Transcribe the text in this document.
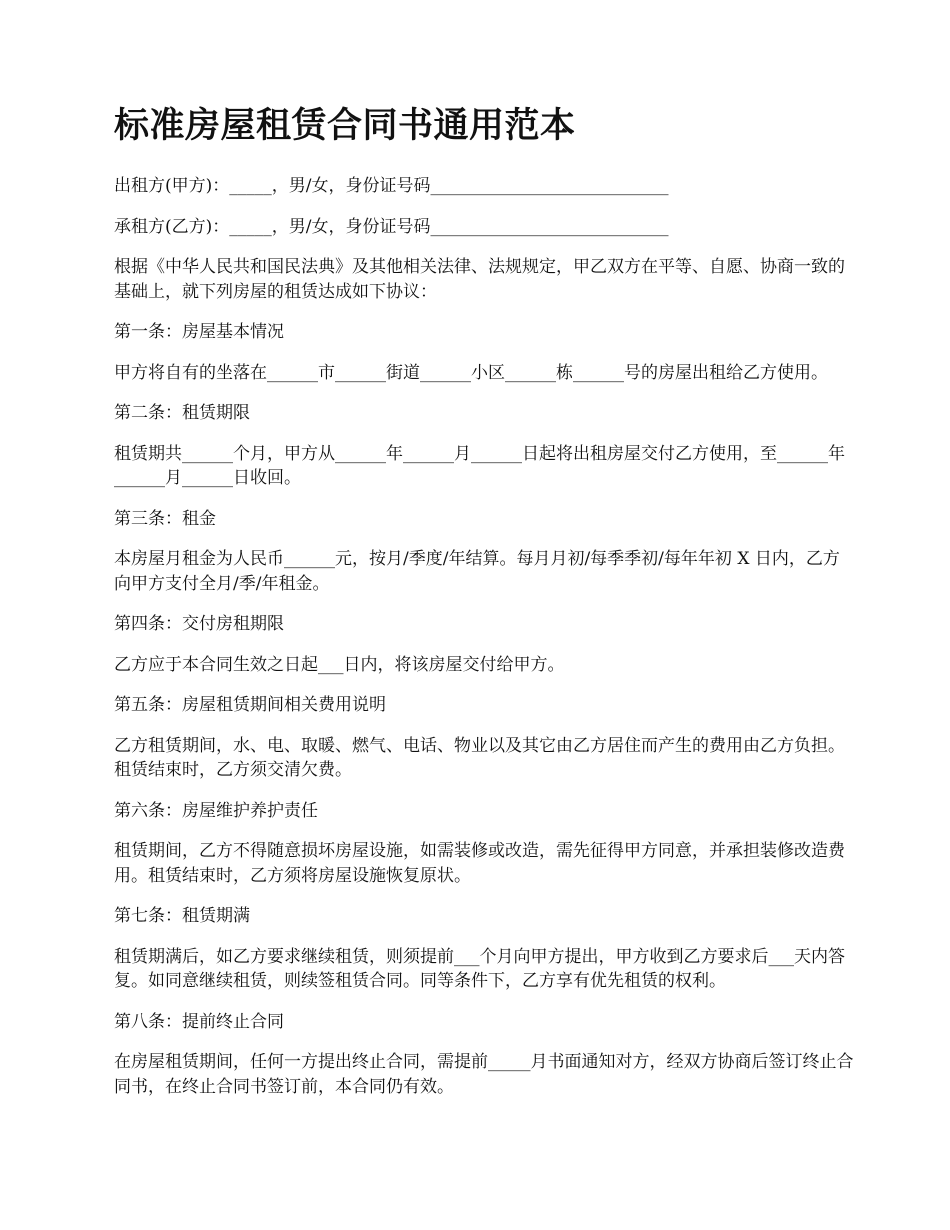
标准房屋租赁合同书通用范本

出租方(甲方)：_____，男/女，身份证号码____________________________

承租方(乙方)：_____，男/女，身份证号码____________________________

根据《中华人民共和国民法典》及其他相关法律、法规规定，甲乙双方在平等、自愿、协商一致的基础上，就下列房屋的租赁达成如下协议：

第一条：房屋基本情况

甲方将自有的坐落在______市______街道______小区______栋______号的房屋出租给乙方使用。

第二条：租赁期限

租赁期共______个月，甲方从______年______月______日起将出租房屋交付乙方使用，至______年______月______日收回。

第三条：租金

本房屋月租金为人民币______元，按月/季度/年结算。每月月初/每季季初/每年年初 X 日内，乙方向甲方支付全月/季/年租金。

第四条：交付房租期限

乙方应于本合同生效之日起___日内，将该房屋交付给甲方。

第五条：房屋租赁期间相关费用说明

乙方租赁期间，水、电、取暖、燃气、电话、物业以及其它由乙方居住而产生的费用由乙方负担。租赁结束时，乙方须交清欠费。

第六条：房屋维护养护责任

租赁期间，乙方不得随意损坏房屋设施，如需装修或改造，需先征得甲方同意，并承担装修改造费用。租赁结束时，乙方须将房屋设施恢复原状。

第七条：租赁期满

租赁期满后，如乙方要求继续租赁，则须提前___个月向甲方提出，甲方收到乙方要求后___天内答复。如同意继续租赁，则续签租赁合同。同等条件下，乙方享有优先租赁的权利。

第八条：提前终止合同

在房屋租赁期间，任何一方提出终止合同，需提前_____月书面通知对方，经双方协商后签订终止合同书，在终止合同书签订前，本合同仍有效。
